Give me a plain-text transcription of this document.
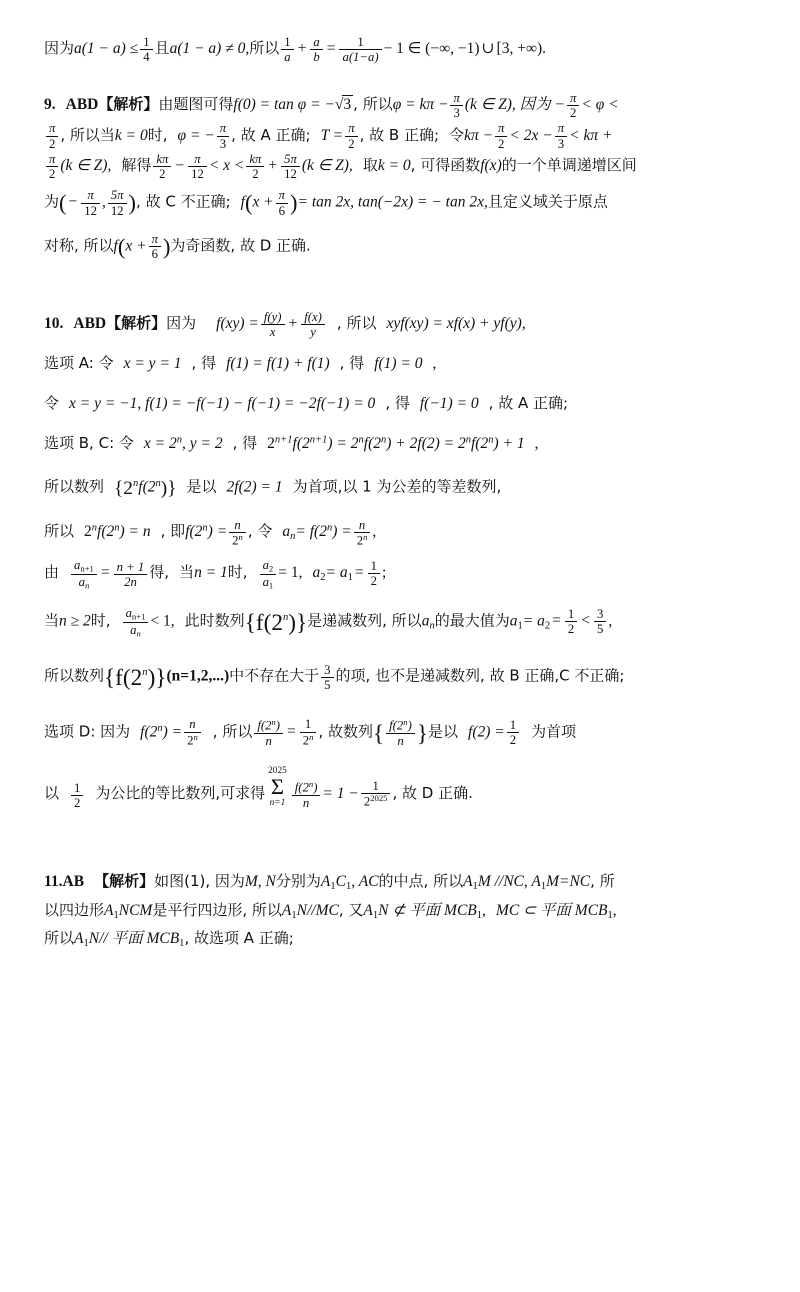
因为$a(1 - a) \le \frac{1}{4}$ 且a(1 − a) ≠ 0,所以 $\frac{1}{a} + \frac{a}{b} = \frac{1}{a(1-a)} - 1$ ∈ (−∞, −1) ∪ [3, +∞).
9. ABD【解析】由题图可得f(0) = tan φ = −√3 , 所以$\varphi = k\pi - \frac{\pi}{3} (k$ ∈ Z), 因为 − $\frac{\pi}{2} < \varphi$ <
$\frac{\pi}{2}$ , 所以当k = 0时, φ = − $\frac{\pi}{3}$ , 故 A 正确; $T = \frac{\pi}{2}$ , 故 B 正确; 令$k\pi - \frac{\pi}{2} < 2x - \frac{\pi}{3} < k\pi$ +
$\frac{\pi}{2} (k$ ∈ Z), 解得 $\frac{k\pi}{2} - \frac{\pi}{12} < x < \frac{k\pi}{2} + \frac{5\pi}{12} (k$ ∈ Z), 取k = 0, 可得函数f(x)的一个单调递增区间
为( − $\frac{\pi}{12}$ , $\frac{5\pi}{12}$ ), 故 C 不正确; $f(x + \frac{\pi}{6}$ )= tan 2x, tan(−2x) = − tan 2x,且定义域关于原点
对称, 所以$f(x + \frac{\pi}{6}$ )为奇函数, 故 D 正确.
10. ABD【解析】因为 $f(xy) = \frac{f(y)}{x} + \frac{f(x)}{y}$ , 所以 xyf(xy) = xf(x) + yf(y),
选项 A: 令 x = y = 1 , 得 f(1) = f(1) + f(1) , 得 f(1) = 0 ,
令 x = y = −1, f(1) = −f(−1) − f(−1) = −2f(−1) = 0 , 得 f(−1) = 0 , 故 A 正确;
选项 B, C: 令 $x = 2^n$, y = 2 , 得 $2^{n+1}f(2^{n+1}) = 2^nf(2^n) + 2f(2) = 2^nf(2^n) + 1$ ,
所以数列 {2$^n$f(2$^n$)} 是以 2f(2) = 1 为首项,以 1 为公差的等差数列,
所以 $2^nf(2^n) = n$ , 即$f(2^n) = \frac{n}{2^n}$ , 令 $a_n= f(2^n) = \frac{n}{2^n}$ ,
由 $\frac{a_{n+1}}{a_n} = \frac{n + 1}{2n}$ 得, 当n = 1时, $\frac{a_2}{a_1} = 1$, $a_2= a_1 = \frac{1}{2}$ ;
当n ≥ 2时, $\frac{a_{n+1}}{a_n} < 1$, 此时数列{f(2$^n$)}是递减数列, 所以$a_n$的最大值为$a_1= a_2 = \frac{1}{2} < \frac{3}{5}$ ,
所以数列$\{f(2^n)\}(n=1,2,...)$中不存在大于 $\frac{3}{5}$ 的项, 也不是递减数列, 故 B 正确,C 不正确;
选项 D: 因为 $f(2^n) = \frac{n}{2^n}$ , 所以 $\frac{f(2^n)}{n} = \frac{1}{2^n}$ , 故数列{ $\frac{f(2^n)}{n}$ }是以 $f(2) = \frac{1}{2}$ 为首项
以 $\frac{1}{2}$ 为公比的等比数列,可求得
2025
Σ
$n=1 \frac{f(2^n)}{n} = 1 - \frac{1}{2^{2025}}$ , 故 D 正确.
11.AB 【解析】如图(1), 因为M, N分别为$A_1C_1$, AC的中点, 所以$A_1M$ //NC, $A_1M=NC$, 所
以四边形$A_1NCM$是平行四边形, 所以$A_1N//MC$, 又$A_1N$ ⊄ 平面 $MCB_1$, MC ⊂ 平面 $MCB_1$,
所以$A_1N//$ 平面 $MCB_1$, 故选项 A 正确;
